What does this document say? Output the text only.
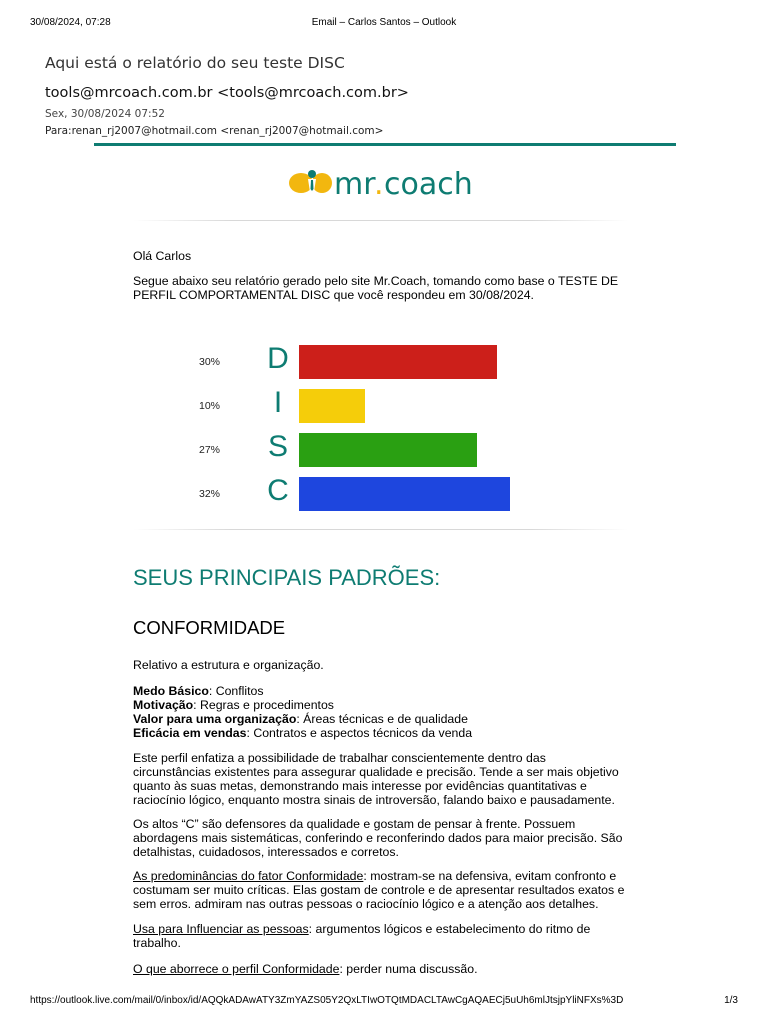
30/08/2024, 07:28	Email – Carlos Santos – Outlook
Aqui está o relatório do seu teste DISC
tools@mrcoach.com.br <tools@mrcoach.com.br>
Sex, 30/08/2024 07:52
Para:renan_rj2007@hotmail.com <renan_rj2007@hotmail.com>
mr
. coach
Olá Carlos
Segue abaixo seu relatório gerado pelo site Mr.Coach, tomando como base o TESTE DE PERFIL COMPORTAMENTAL DISC que você respondeu em 30/08/2024.
30% D
10%	I
27% S
32% C
SEUS PRINCIPAIS PADRÕES:
CONFORMIDADE
Relativo a estrutura e organização.

Medo Básico: Conflitos

Motivação: Regras e procedimentos

Valor para uma organização: Áreas técnicas e de qualidade

Eficácia em vendas: Contratos e aspectos técnicos da venda

Este perfil enfatiza a possibilidade de trabalhar conscientemente dentro das

circunstâncias existentes para assegurar qualidade e precisão. Tende a ser mais objetivo

quanto às suas metas, demonstrando mais interesse por evidências quantitativas e

raciocínio lógico, enquanto mostra sinais de introversão, falando baixo e pausadamente.

Os altos “C” são defensores da qualidade e gostam de pensar à frente. Possuem

abordagens mais sistemáticas, conferindo e reconferindo dados para maior precisão. São

detalhistas, cuidadosos, interessados e corretos.

As predominâncias do fator Conformidade: mostram-se na defensiva, evitam confronto e

costumam ser muito críticas. Elas gostam de controle e de apresentar resultados exatos e

sem erros. admiram nas outras pessoas o raciocínio lógico e a atenção aos detalhes.

Usa para Influenciar as pessoas: argumentos lógicos e estabelecimento do ritmo de

trabalho.

O que aborrece o perfil Conformidade: perder numa discussão.

https://outlook.live.com/mail/0/inbox/id/AQQkADAwATY3ZmYAZS05Y2QxLTIwOTQtMDACLTAwCgAQAECj5uUh6mlJtsjpYliNFXs%3D	1/3
